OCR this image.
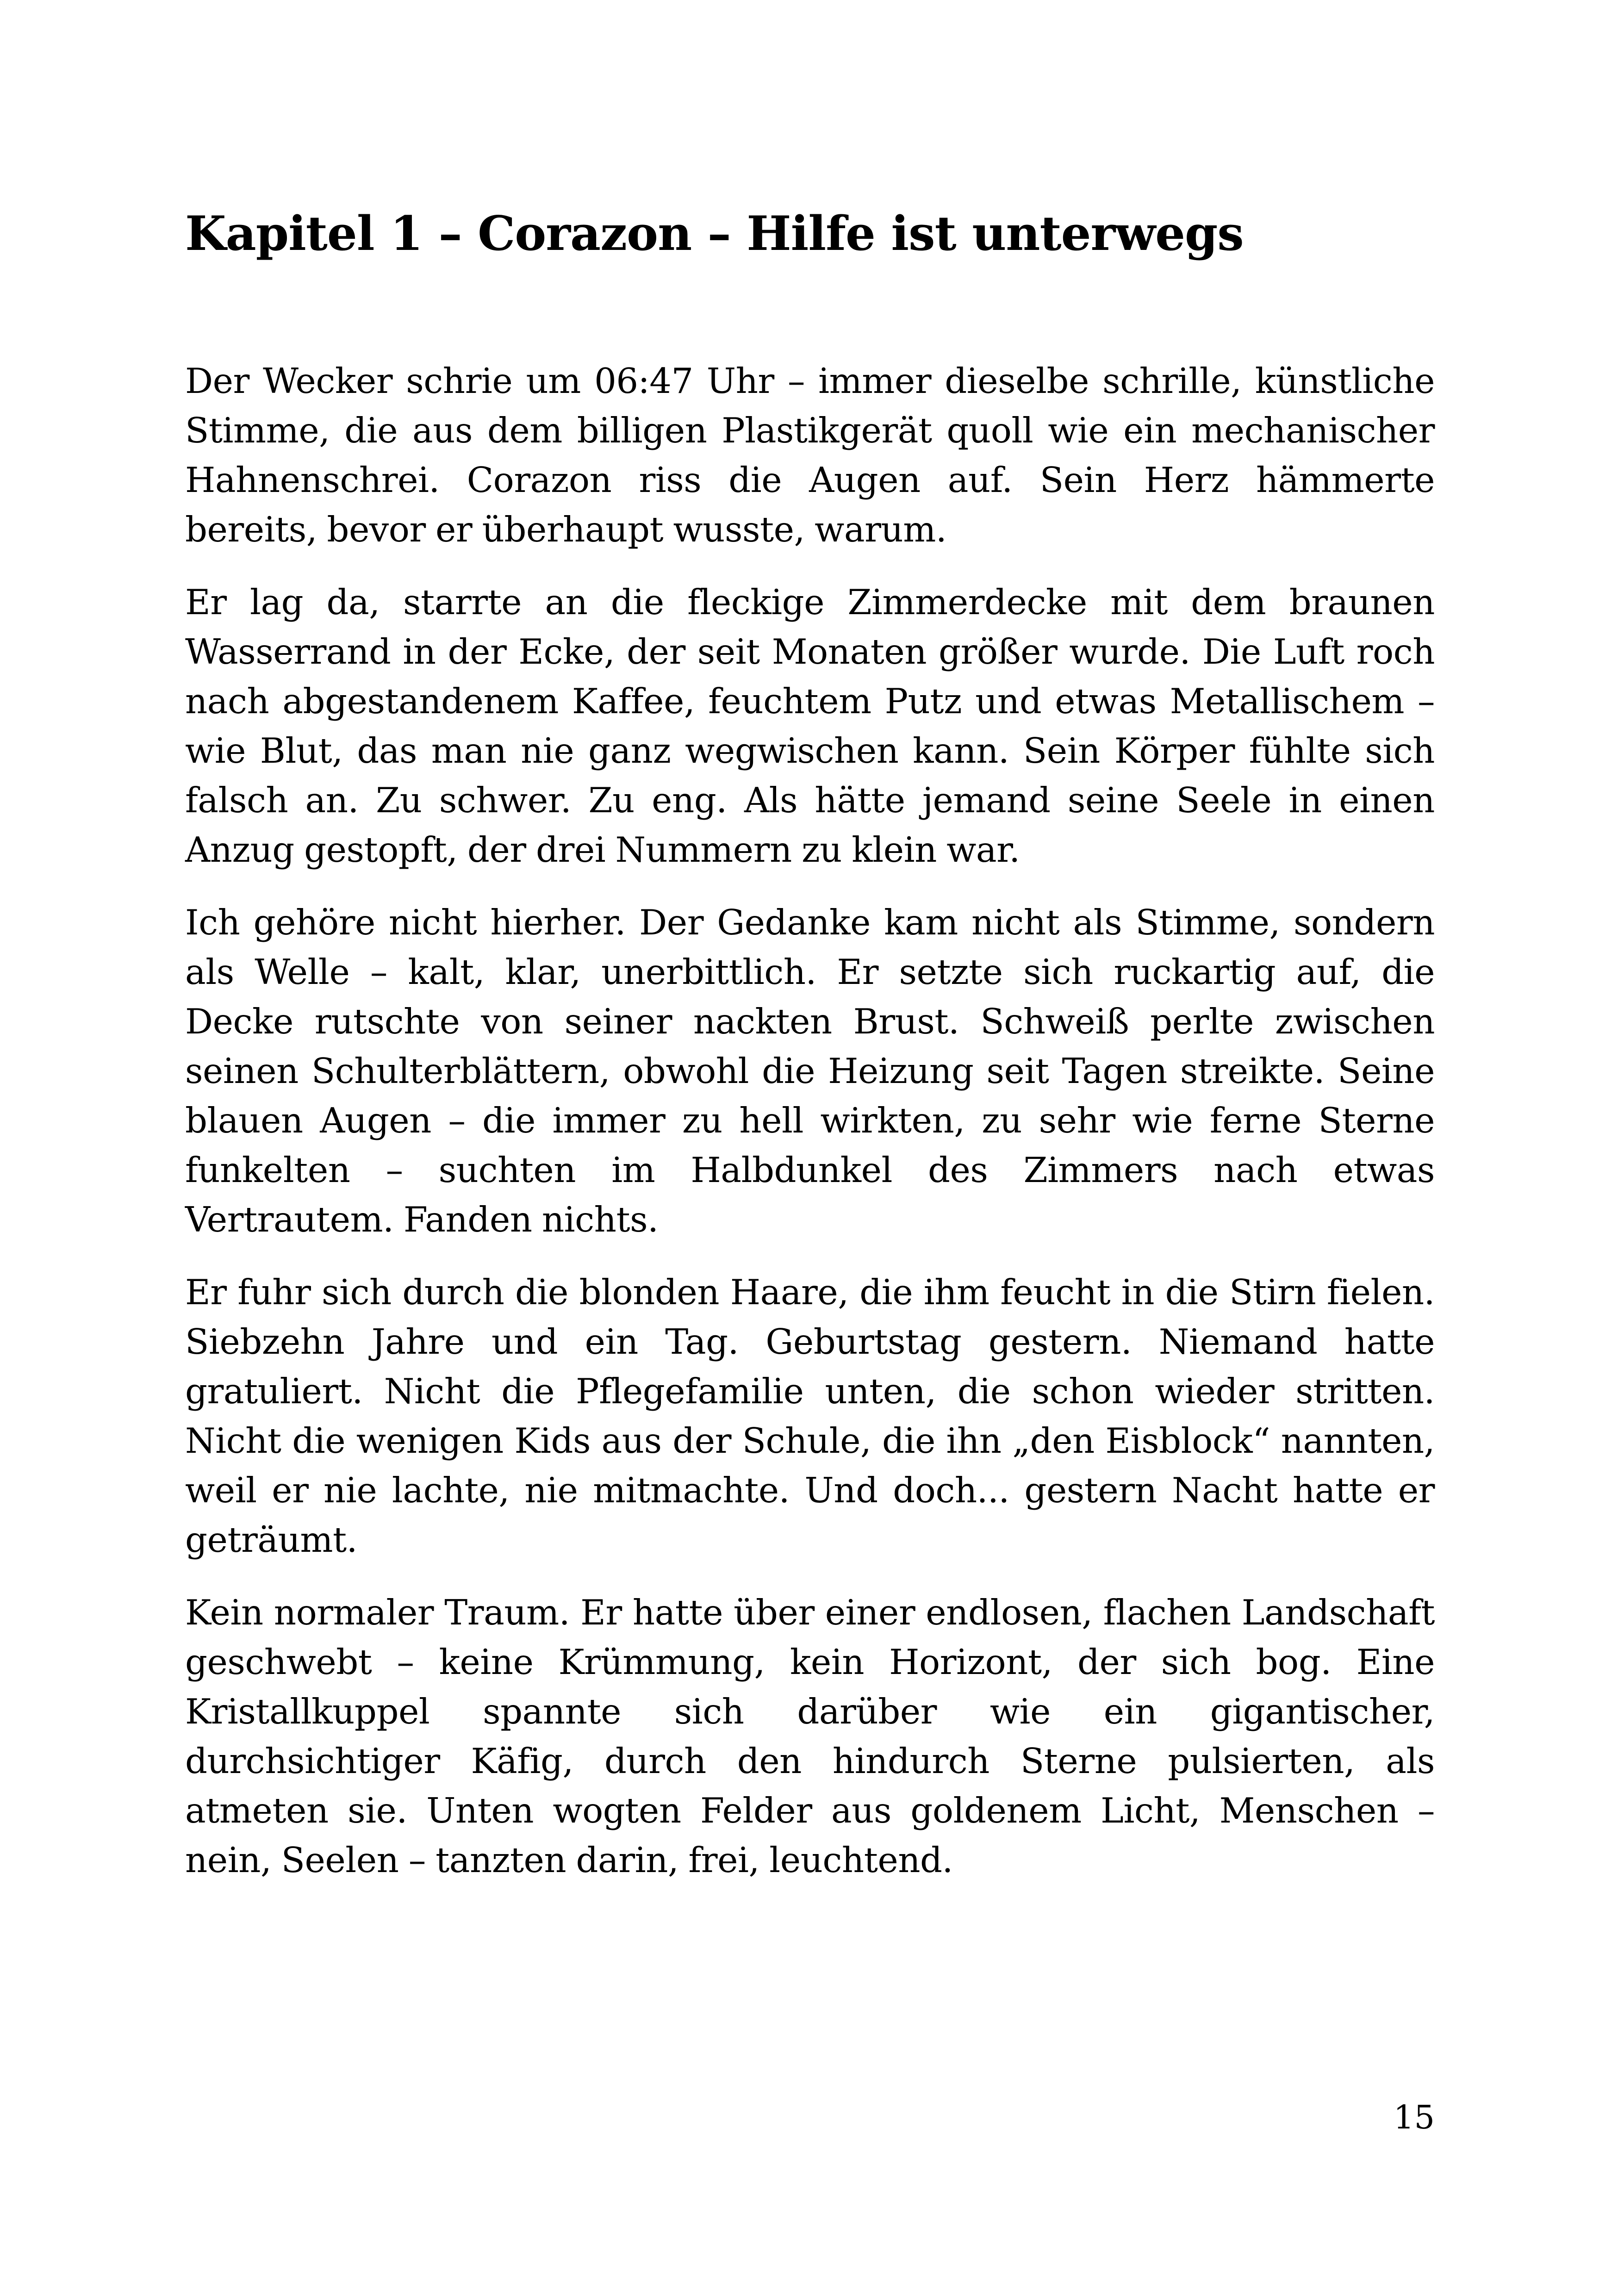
Kapitel 1 – Corazon – Hilfe ist unterwegs

Der Wecker schrie um 06:47 Uhr – immer dieselbe schrille, künstliche Stimme, die aus dem billigen Plastikgerät quoll wie ein mechanischer Hahnenschrei. Corazon riss die Augen auf. Sein Herz hämmerte bereits, bevor er überhaupt wusste, warum.

Er lag da, starrte an die fleckige Zimmerdecke mit dem braunen Wasserrand in der Ecke, der seit Monaten größer wurde. Die Luft roch nach abgestandenem Kaffee, feuchtem Putz und etwas Metallischem – wie Blut, das man nie ganz wegwischen kann. Sein Körper fühlte sich falsch an. Zu schwer. Zu eng. Als hätte jemand seine Seele in einen Anzug gestopft, der drei Nummern zu klein war.

Ich gehöre nicht hierher. Der Gedanke kam nicht als Stimme, sondern als Welle – kalt, klar, unerbittlich. Er setzte sich ruckartig auf, die Decke rutschte von seiner nackten Brust. Schweiß perlte zwischen seinen Schulterblättern, obwohl die Heizung seit Tagen streikte. Seine blauen Augen – die immer zu hell wirkten, zu sehr wie ferne Sterne funkelten – suchten im Halbdunkel des Zimmers nach etwas Vertrautem. Fanden nichts.

Er fuhr sich durch die blonden Haare, die ihm feucht in die Stirn fielen. Siebzehn Jahre und ein Tag. Geburtstag gestern. Niemand hatte gratuliert. Nicht die Pflegefamilie unten, die schon wieder stritten. Nicht die wenigen Kids aus der Schule, die ihn „den Eisblock“ nannten, weil er nie lachte, nie mitmachte. Und doch... gestern Nacht hatte er geträumt.

Kein normaler Traum. Er hatte über einer endlosen, flachen Landschaft geschwebt – keine Krümmung, kein Horizont, der sich bog. Eine Kristallkuppel spannte sich darüber wie ein gigantischer, durchsichtiger Käfig, durch den hindurch Sterne pulsierten, als atmeten sie. Unten wogten Felder aus goldenem Licht, Menschen – nein, Seelen – tanzten darin, frei, leuchtend.

15
